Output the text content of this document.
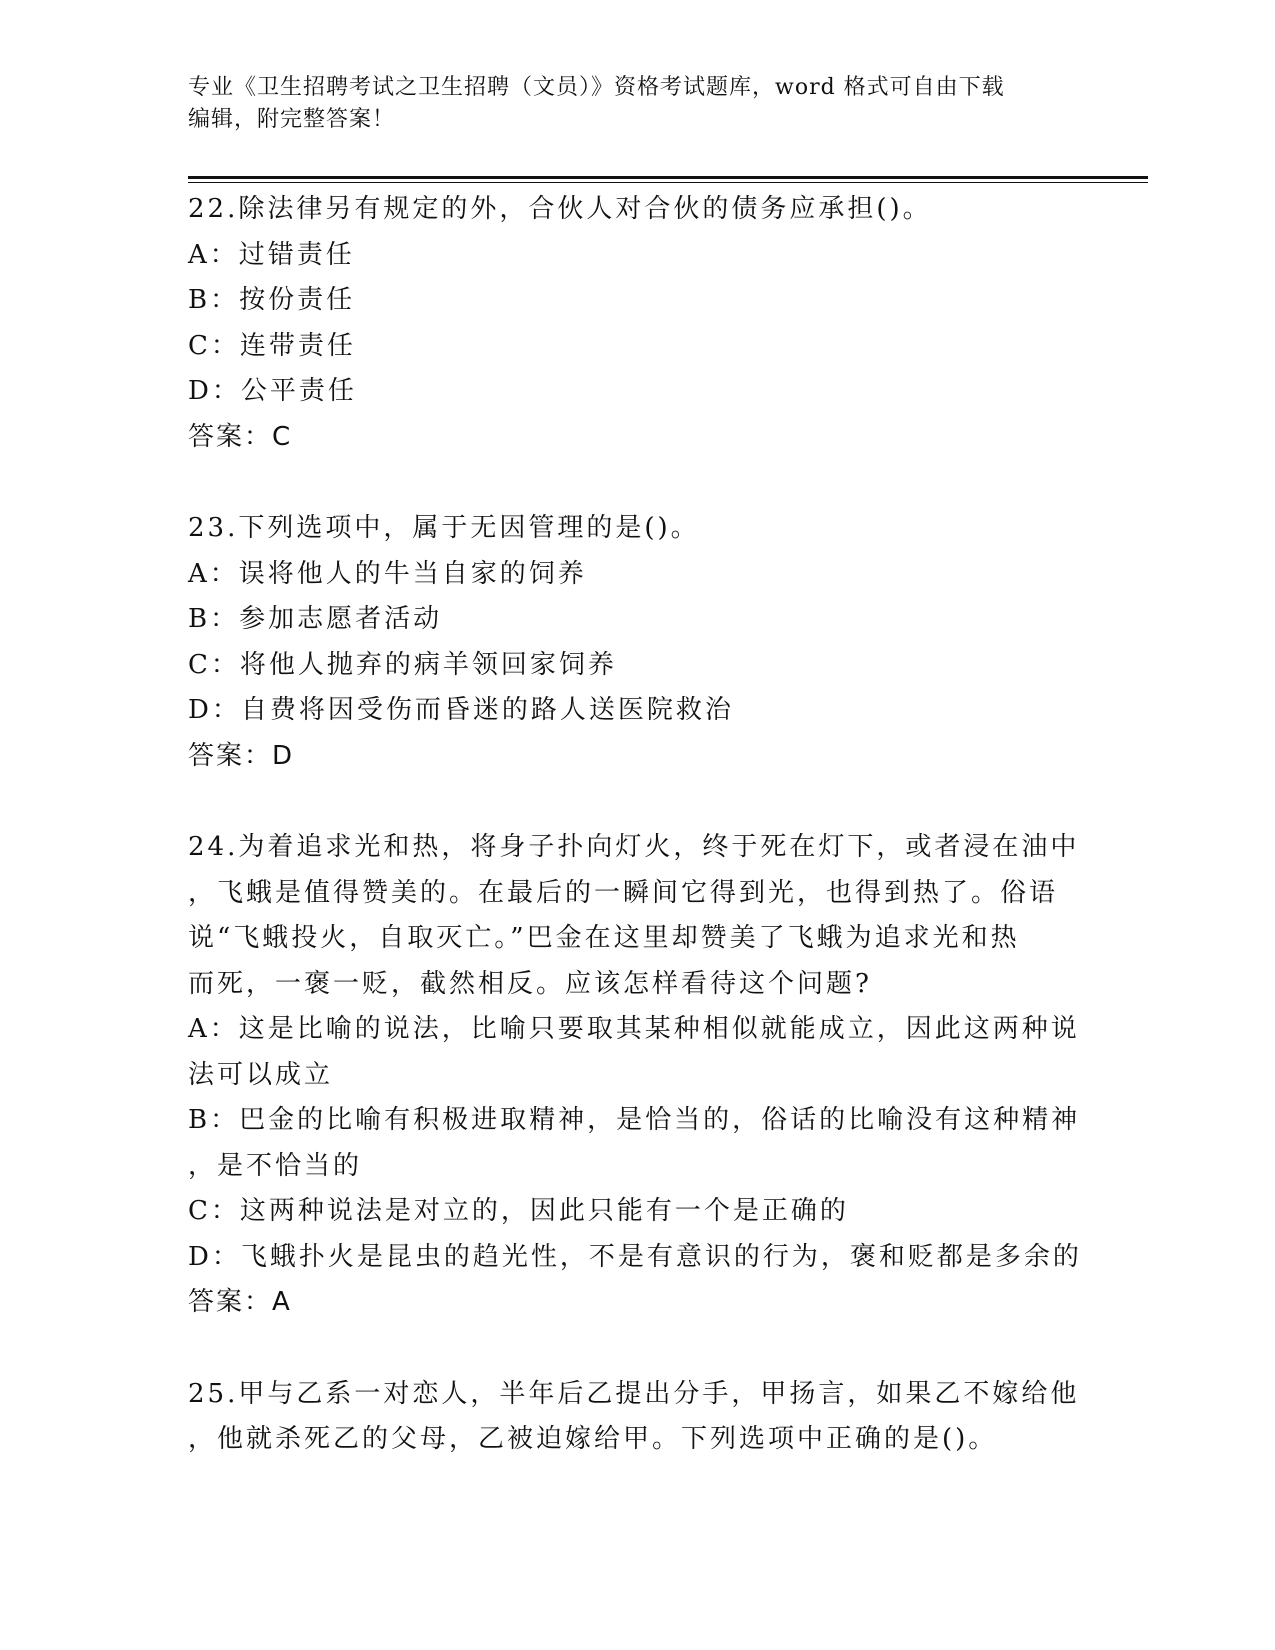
专业《卫生招聘考试之卫生招聘（文员）》资格考试题库，word 格式可自由下载
编辑，附完整答案！
22.除法律另有规定的外，合伙人对合伙的债务应承担()。
A：过错责任
B：按份责任
C：连带责任
D：公平责任
答案：C
23.下列选项中，属于无因管理的是()。
A：误将他人的牛当自家的饲养
B：参加志愿者活动
C：将他人抛弃的病羊领回家饲养
D：自费将因受伤而昏迷的路人送医院救治
答案：D
24.为着追求光和热，将身子扑向灯火，终于死在灯下，或者浸在油中
，飞蛾是值得赞美的。在最后的一瞬间它得到光，也得到热了。俗语
说“飞蛾投火，自取灭亡。”巴金在这里却赞美了飞蛾为追求光和热
而死，一褒一贬，截然相反。应该怎样看待这个问题?
A：这是比喻的说法，比喻只要取其某种相似就能成立，因此这两种说
法可以成立
B：巴金的比喻有积极进取精神，是恰当的，俗话的比喻没有这种精神
，是不恰当的
C：这两种说法是对立的，因此只能有一个是正确的
D：飞蛾扑火是昆虫的趋光性，不是有意识的行为，褒和贬都是多余的
答案：A
25.甲与乙系一对恋人，半年后乙提出分手，甲扬言，如果乙不嫁给他
，他就杀死乙的父母，乙被迫嫁给甲。下列选项中正确的是()。
